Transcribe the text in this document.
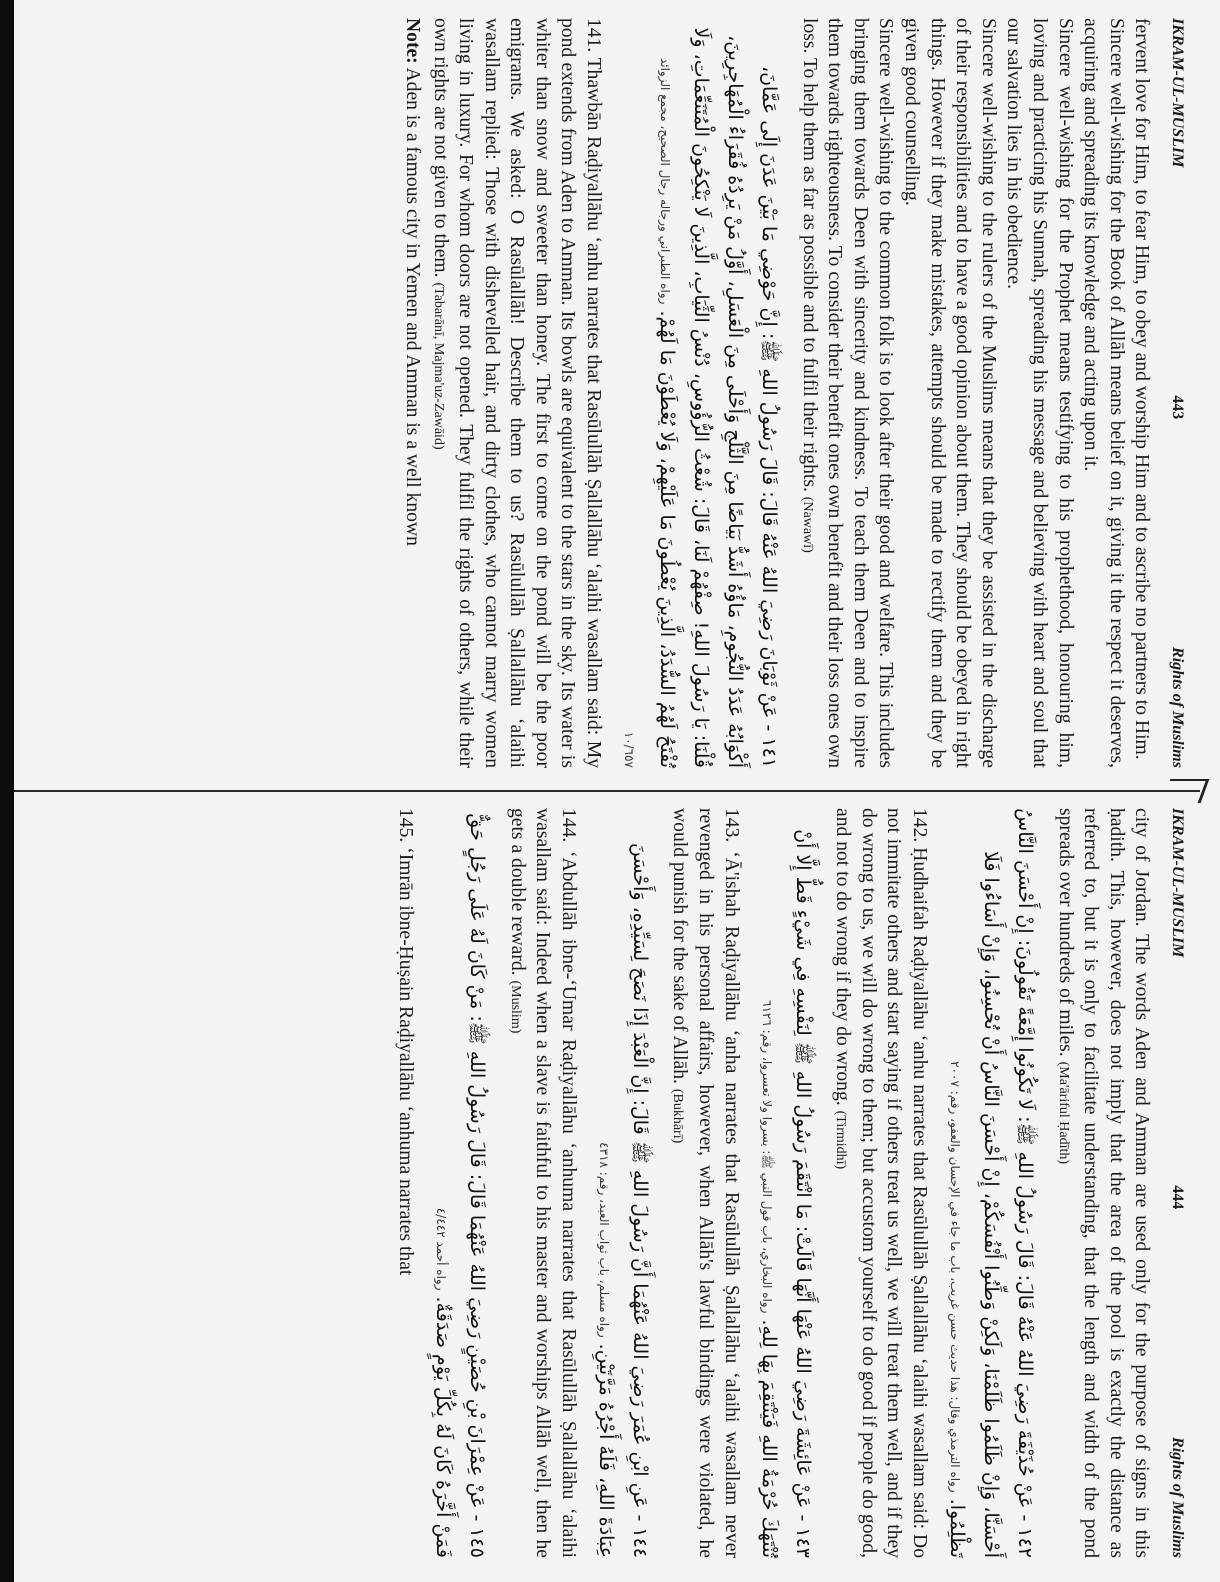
IKRAM-UL-MUSLIM
443
Rights of Muslims

fervent love for Him, to fear Him, to obey and worship Him and to ascribe no partners to Him.

Sincere well-wishing for the Book of Allāh means belief on it, giving it the respect it deserves, acquiring and spreading its knowledge and acting upon it.

Sincere well-wishing for the Prophet means testifying to his prophethood, honouring him, loving and practicing his Sunnah, spreading his message and believing with heart and soul that our salvation lies in his obedience.

Sincere well-wishing to the rulers of the Muslims means that they be assisted in the discharge of their responsibilities and to have a good opinion about them. They should be obeyed in right things. However if they make mistakes, attempts should be made to rectify them and they be given good counselling.

Sincere well-wishing to the common folk is to look after their good and welfare. This includes bringing them towards Deen with sincerity and kindness. To teach them Deen and to inspire them towards righteousness. To consider their benefit ones own benefit and their loss ones own loss. To help them as far as possible and to fulfil their rights. (Nawawī)

١٤١ - عَنْ ثَوْبَانَ رَضِيَ اللهُ عَنْهُ قَالَ: قَالَ رَسُولُ اللهِ ﷺ: إِنَّ حَوْضِي مَا بَيْنَ عَدَنَ إِلَى عَمَّانَ، أَكْوَابُهُ عَدَدُ النُّجُومِ، مَاؤُهُ أَشَدُّ بَيَاضًا مِنَ الثَّلْجِ وَأَحْلَى مِنَ الْعَسَلِ، أَوَّلُ مَنْ يَرِدُهُ فُقَرَاءُ الْمُهَاجِرِينَ، قُلْنَا: يَا رَسُولَ اللهِ! صِفْهُمْ لَنَا، قَالَ: شُعْثُ الرُّؤُوسِ، دُنْسُ الثِّيَابِ، الَّذِينَ لَا يَنْكِحُونَ الْمُتَنَعِّمَاتِ، وَلَا تُفْتَحُ لَهُمُ السُّدَدُ، الَّذِينَ يُعْطُونَ مَا عَلَيْهِمْ، وَلَا يُعْطَوْنَ مَا لَهُمْ. رواه الطبراني ورجاله رجال الصحيح، مجمع الزوائد ١٠/٦٥٧

141. Thawbān Raḍiyallāhu ‘anhu narrates that Rasūlullāh Ṣallallāhu ‘alaihi wasallam said: My pond extends from Aden to Amman. Its bowls are equivalent to the stars in the sky. Its water is whiter than snow and sweeter than honey. The first to come on the pond will be the poor emigrants. We asked: O Rasūlallāh! Describe them to us? Rasūlullāh Ṣallallāhu ‘alaihi wasallam replied: Those with dishevelled hair, and dirty clothes, who cannot marry women living in luxury. For whom doors are not opened. They fulfil the rights of others, while their own rights are not given to them. (Tabarānī, Majma'uz-Zawāid)

Note: Aden is a famous city in Yemen and Amman is a well known

IKRAM-UL-MUSLIM
444
Rights of Muslims

city of Jordan. The words Aden and Amman are used only for the purpose of signs in this ḥadith. This, however, does not imply that the area of the pool is exactly the distance as referred to, but it is only to facilitate understanding, that the length and width of the pond spreads over hundreds of miles. (Ma'āriful Ḥadīth)

١٤٢ - عَنْ حُذَيْفَةَ رَضِيَ اللهُ عَنْهُ قَالَ: قَالَ رَسُولُ اللهِ ﷺ: لَا تَكُونُوا إِمَّعَةً تَقُولُونَ: إِنْ أَحْسَنَ النَّاسُ أَحْسَنَّا، وَإِنْ ظَلَمُوا ظَلَمْنَا، وَلَكِنْ وَطِّنُوا أَنْفُسَكُمْ، إِنْ أَحْسَنَ النَّاسُ أَنْ تُحْسِنُوا، وَإِنْ أَسَاءُوا فَلَا تَظْلِمُوا. رواه الترمذي وقال: هذا حديث حسن غريب، باب ما جاء في الإحسان والعفو، رقم: ٢٠٠٧

142. Ḥudhaifah Raḍiyallāhu ‘anhu narrates that Rasūlullāh Ṣallallāhu ‘alaihi wasallam said: Do not immitate others and start saying if others treat us well, we will treat them well, and if they do wrong to us, we will do wrong to them; but accustom yourself to do good if people do good, and not to do wrong if they do wrong. (Tirmidhī)

١٤٣ - عَنْ عَائِشَةَ رَضِيَ اللهُ عَنْهَا أَنَّهَا قَالَتْ: مَا انْتَقَمَ رَسُولُ اللهِ ﷺ لِنَفْسِهِ فِي شَيْءٍ قَطُّ إِلَّا أَنْ تُنْتَهَكَ حُرْمَةُ اللهِ فَيَنْتَقِمَ بِهَا لِلهِ. رواه البخاري، باب قول النبي ﷺ: يسروا ولا تعسروا، رقم: ٦١٢٦

143. ‘Ā'ishah Raḍiyallāhu ‘anha narrates that Rasūlullāh Ṣallallāhu ‘alaihi wasallam never revenged in his personal affairs, however, when Allāh's lawful bindings were violated, he would punish for the sake of Allāh. (Bukhārī)

١٤٤ - عَنِ ابْنِ عُمَرَ رَضِيَ اللهُ عَنْهُمَا أَنَّ رَسُولَ اللهِ ﷺ قَالَ: إِنَّ الْعَبْدَ إِذَا نَصَحَ لِسَيِّدِهِ، وَأَحْسَنَ عِبَادَةَ اللهِ، فَلَهُ أَجْرُهُ مَرَّتَيْنِ. رواه مسلم، باب ثواب العبد، رقم: ٤٣١٨

144. ‘Abdullāh ibne-‘Umar Raḍiyallāhu ‘anhuma narrates that Rasūlullāh Ṣallallāhu ‘alaihi wasallam said: Indeed when a slave is faithful to his master and worships Allāh well, then he gets a double reward. (Muslim)

١٤٥ - عَنْ عِمْرَانَ بْنِ حُصَيْنٍ رَضِيَ اللهُ عَنْهُمَا قَالَ: قَالَ رَسُولُ اللهِ ﷺ: مَنْ كَانَ لَهُ عَلَى رَجُلٍ حَقٌّ فَمَنْ أَخَّرَهُ كَانَ لَهُ بِكُلِّ يَوْمٍ صَدَقَةٌ. رواه أحمد ٤/٤٤٢

145. ‘Imrān ibne-Ḥuṣain Raḍiyallāhu ‘anhuma narrates that
